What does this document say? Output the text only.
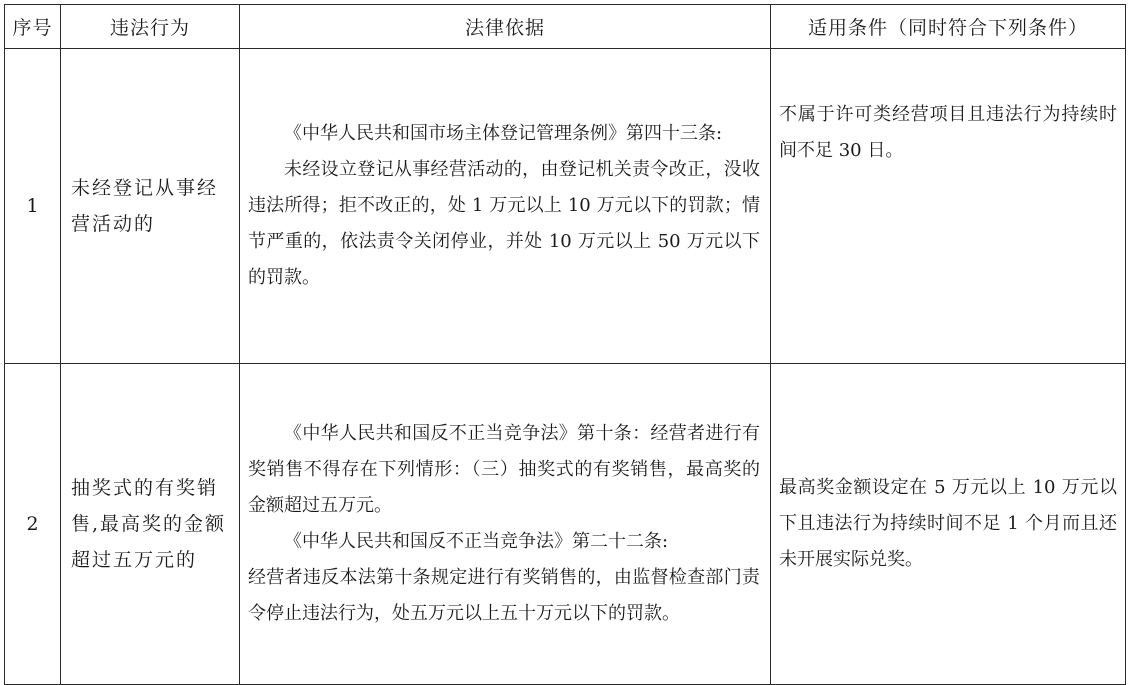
序号	违法行为	法律依据	适用条件（同时符合下列条件）
1	未经登记从事经营活动的	《中华人民共和国市场主体登记管理条例》第四十三条:

未经设立登记从事经营活动的，由登记机关责令改正，没收违法所得；拒不改正的，处 1 万元以上 10 万元以下的罚款；情节严重的，依法责令关闭停业，并处 10 万元以上 50 万元以下的罚款。	不属于许可类经营项目且违法行为持续时间不足 30 日。
2	抽奖式的有奖销售,最高奖的金额超过五万元的	《中华人民共和国反不正当竞争法》第十条：经营者进行有奖销售不得存在下列情形：（三）抽奖式的有奖销售，最高奖的金额超过五万元。

《中华人民共和国反不正当竞争法》第二十二条:

经营者违反本法第十条规定进行有奖销售的，由监督检查部门责令停止违法行为，处五万元以上五十万元以下的罚款。	最高奖金额设定在 5 万元以上 10 万元以下且违法行为持续时间不足 1 个月而且还未开展实际兑奖。
